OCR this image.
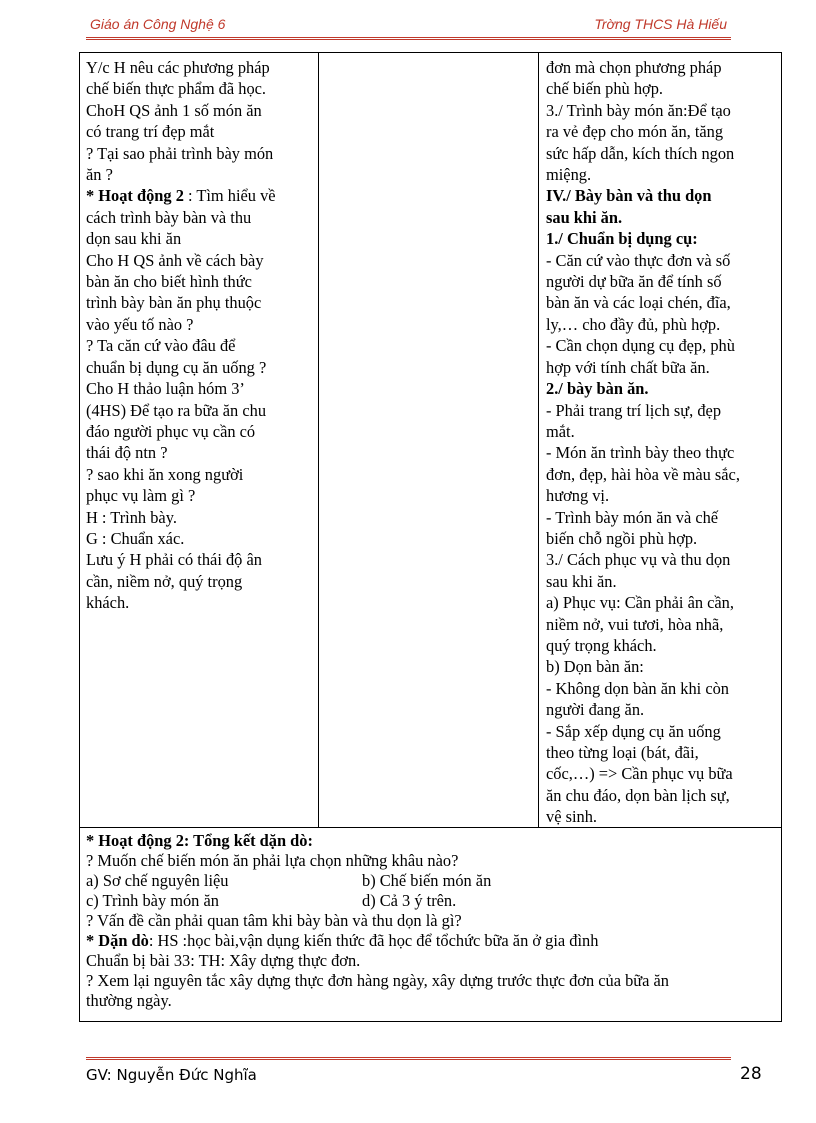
Giáo án Công Nghệ 6	Trờng THCS Hà Hiếu
Y/c H nêu các phương pháp
chế biến thực phẩm đã học.
ChoH QS ảnh 1 số món ăn
có trang trí đẹp mắt
? Tại sao phải trình bày món
ăn ?
* Hoạt động 2 : Tìm hiểu về
cách trình bày bàn và thu
dọn sau khi ăn
Cho H QS ảnh về cách bày
bàn ăn cho biết hình thức
trình bày bàn ăn phụ thuộc
vào yếu tố nào ?
? Ta căn cứ vào đâu để
chuẩn bị dụng cụ ăn uống ?
Cho H thảo luận hóm 3’
(4HS) Để tạo ra bữa ăn chu
đáo người phục vụ cần có
thái độ ntn ?
? sao khi ăn xong người
phục vụ làm gì ?
H : Trình bày.
G : Chuẩn xác.
Lưu ý H phải có thái độ ân
cần, niềm nở, quý trọng
khách.
đơn mà chọn phương pháp
chế biến phù hợp.
3./ Trình bày món ăn:Để tạo
ra vẻ đẹp cho món ăn, tăng
sức hấp dẫn, kích thích ngon
miệng.
IV./ Bày bàn và thu dọn
sau khi ăn.
1./ Chuẩn bị dụng cụ:
- Căn cứ vào thực đơn và số
người dự bữa ăn để tính số
bàn ăn và các loại chén, đĩa,
ly,… cho đầy đủ, phù hợp.
- Cần chọn dụng cụ đẹp, phù
hợp với tính chất bữa ăn.
2./ bày bàn ăn.
- Phải trang trí lịch sự, đẹp
mắt.
- Món ăn trình bày theo thực
đơn, đẹp, hài hòa về màu sắc,
hương vị.
- Trình bày món ăn và chế
biến chỗ ngồi phù hợp.
3./ Cách phục vụ và thu dọn
sau khi ăn.
a) Phục vụ: Cần phải ân cần,
niềm nở, vui tươi, hòa nhã,
quý trọng khách.
b) Dọn bàn ăn:
- Không dọn bàn ăn khi còn
người đang ăn.
- Sắp xếp dụng cụ ăn uống
theo từng loại (bát, đãi,
cốc,…) => Cần phục vụ bữa
ăn chu đáo, dọn bàn lịch sự,
vệ sinh.
* Hoạt động 2: Tổng kết dặn dò:
? Muốn chế biến món ăn phải lựa chọn những khâu nào?
a) Sơ chế nguyên liệu	b) Chế biến món ăn
c) Trình bày món ăn	d) Cả 3 ý trên.
? Vấn đề cần phải quan tâm khi bày bàn và thu dọn là gì?
* Dặn dò: HS :học bài,vận dụng kiến thức đã học để tổchức bữa ăn ở gia đình
Chuẩn bị bài 33: TH: Xây dựng thực đơn.
? Xem lại nguyên tắc xây dựng thực đơn hàng ngày, xây dựng trước thực đơn của bữa ăn
thường ngày.
GV: Nguyễn Đức Nghĩa	28
